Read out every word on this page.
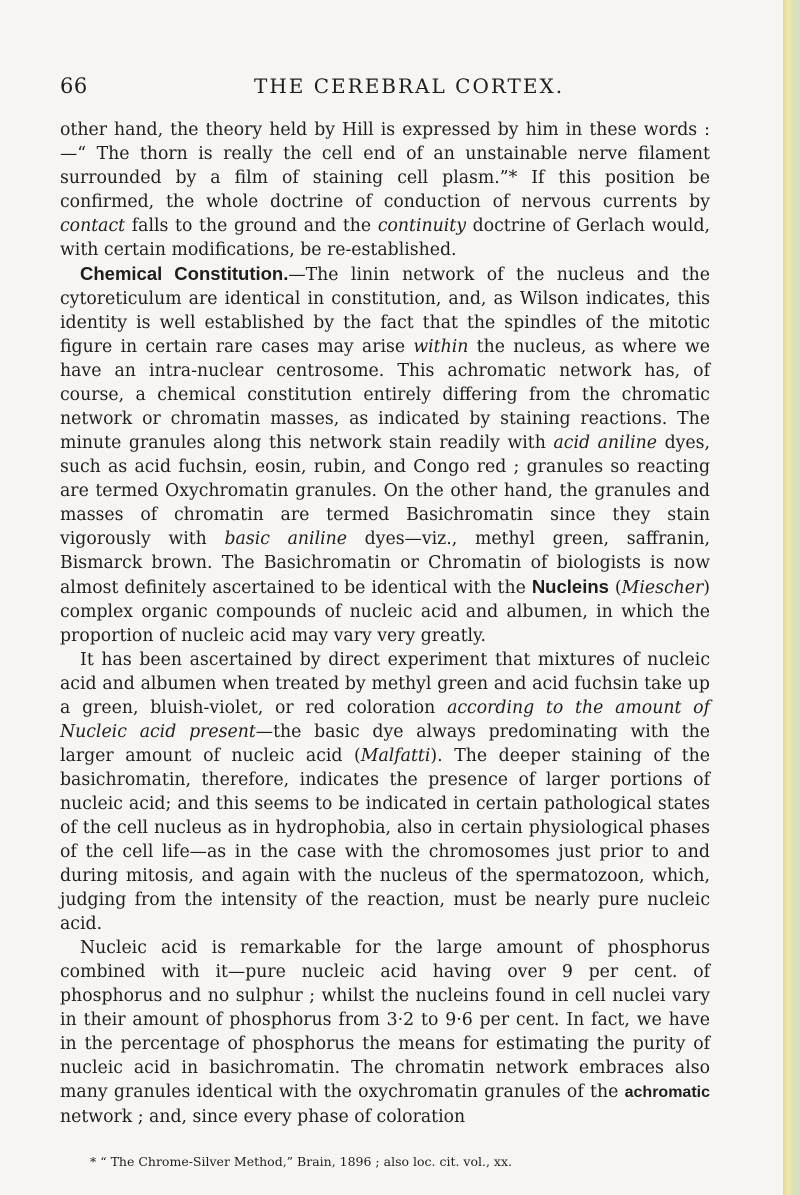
66	THE CEREBRAL CORTEX.

other hand, the theory held by Hill is expressed by him in these words :—“ The thorn is really the cell end of an unstainable nerve filament surrounded by a film of staining cell plasm.”* If this position be confirmed, the whole doctrine of conduction of nervous currents by contact falls to the ground and the continuity doctrine of Gerlach would, with certain modifications, be re-established.

Chemical Constitution.—The linin network of the nucleus and the cytoreticulum are identical in constitution, and, as Wilson indicates, this identity is well established by the fact that the spindles of the mitotic figure in certain rare cases may arise within the nucleus, as where we have an intra-nuclear centrosome. This achromatic network has, of course, a chemical constitution entirely differing from the chromatic network or chromatin masses, as indicated by staining reactions. The minute granules along this network stain readily with acid aniline dyes, such as acid fuchsin, eosin, rubin, and Congo red ; granules so reacting are termed Oxychromatin granules. On the other hand, the granules and masses of chromatin are termed Basichromatin since they stain vigorously with basic aniline dyes—viz., methyl green, saffranin, Bismarck brown. The Basichromatin or Chromatin of biologists is now almost definitely ascertained to be identical with the Nucleins (Miescher) complex organic compounds of nucleic acid and albumen, in which the proportion of nucleic acid may vary very greatly.

It has been ascertained by direct experiment that mixtures of nucleic acid and albumen when treated by methyl green and acid fuchsin take up a green, bluish-violet, or red coloration according to the amount of Nucleic acid present—the basic dye always predominating with the larger amount of nucleic acid (Malfatti). The deeper staining of the basichromatin, therefore, indicates the presence of larger portions of nucleic acid; and this seems to be indicated in certain pathological states of the cell nucleus as in hydrophobia, also in certain physiological phases of the cell life—as in the case with the chromosomes just prior to and during mitosis, and again with the nucleus of the spermatozoon, which, judging from the intensity of the reaction, must be nearly pure nucleic acid.

Nucleic acid is remarkable for the large amount of phosphorus combined with it—pure nucleic acid having over 9 per cent. of phosphorus and no sulphur ; whilst the nucleins found in cell nuclei vary in their amount of phosphorus from 3·2 to 9·6 per cent. In fact, we have in the percentage of phosphorus the means for estimating the purity of nucleic acid in basichromatin. The chromatin network embraces also many granules identical with the oxychromatin granules of the achromatic network ; and, since every phase of coloration

* “ The Chrome-Silver Method,” Brain, 1896 ; also loc. cit. vol., xx.
